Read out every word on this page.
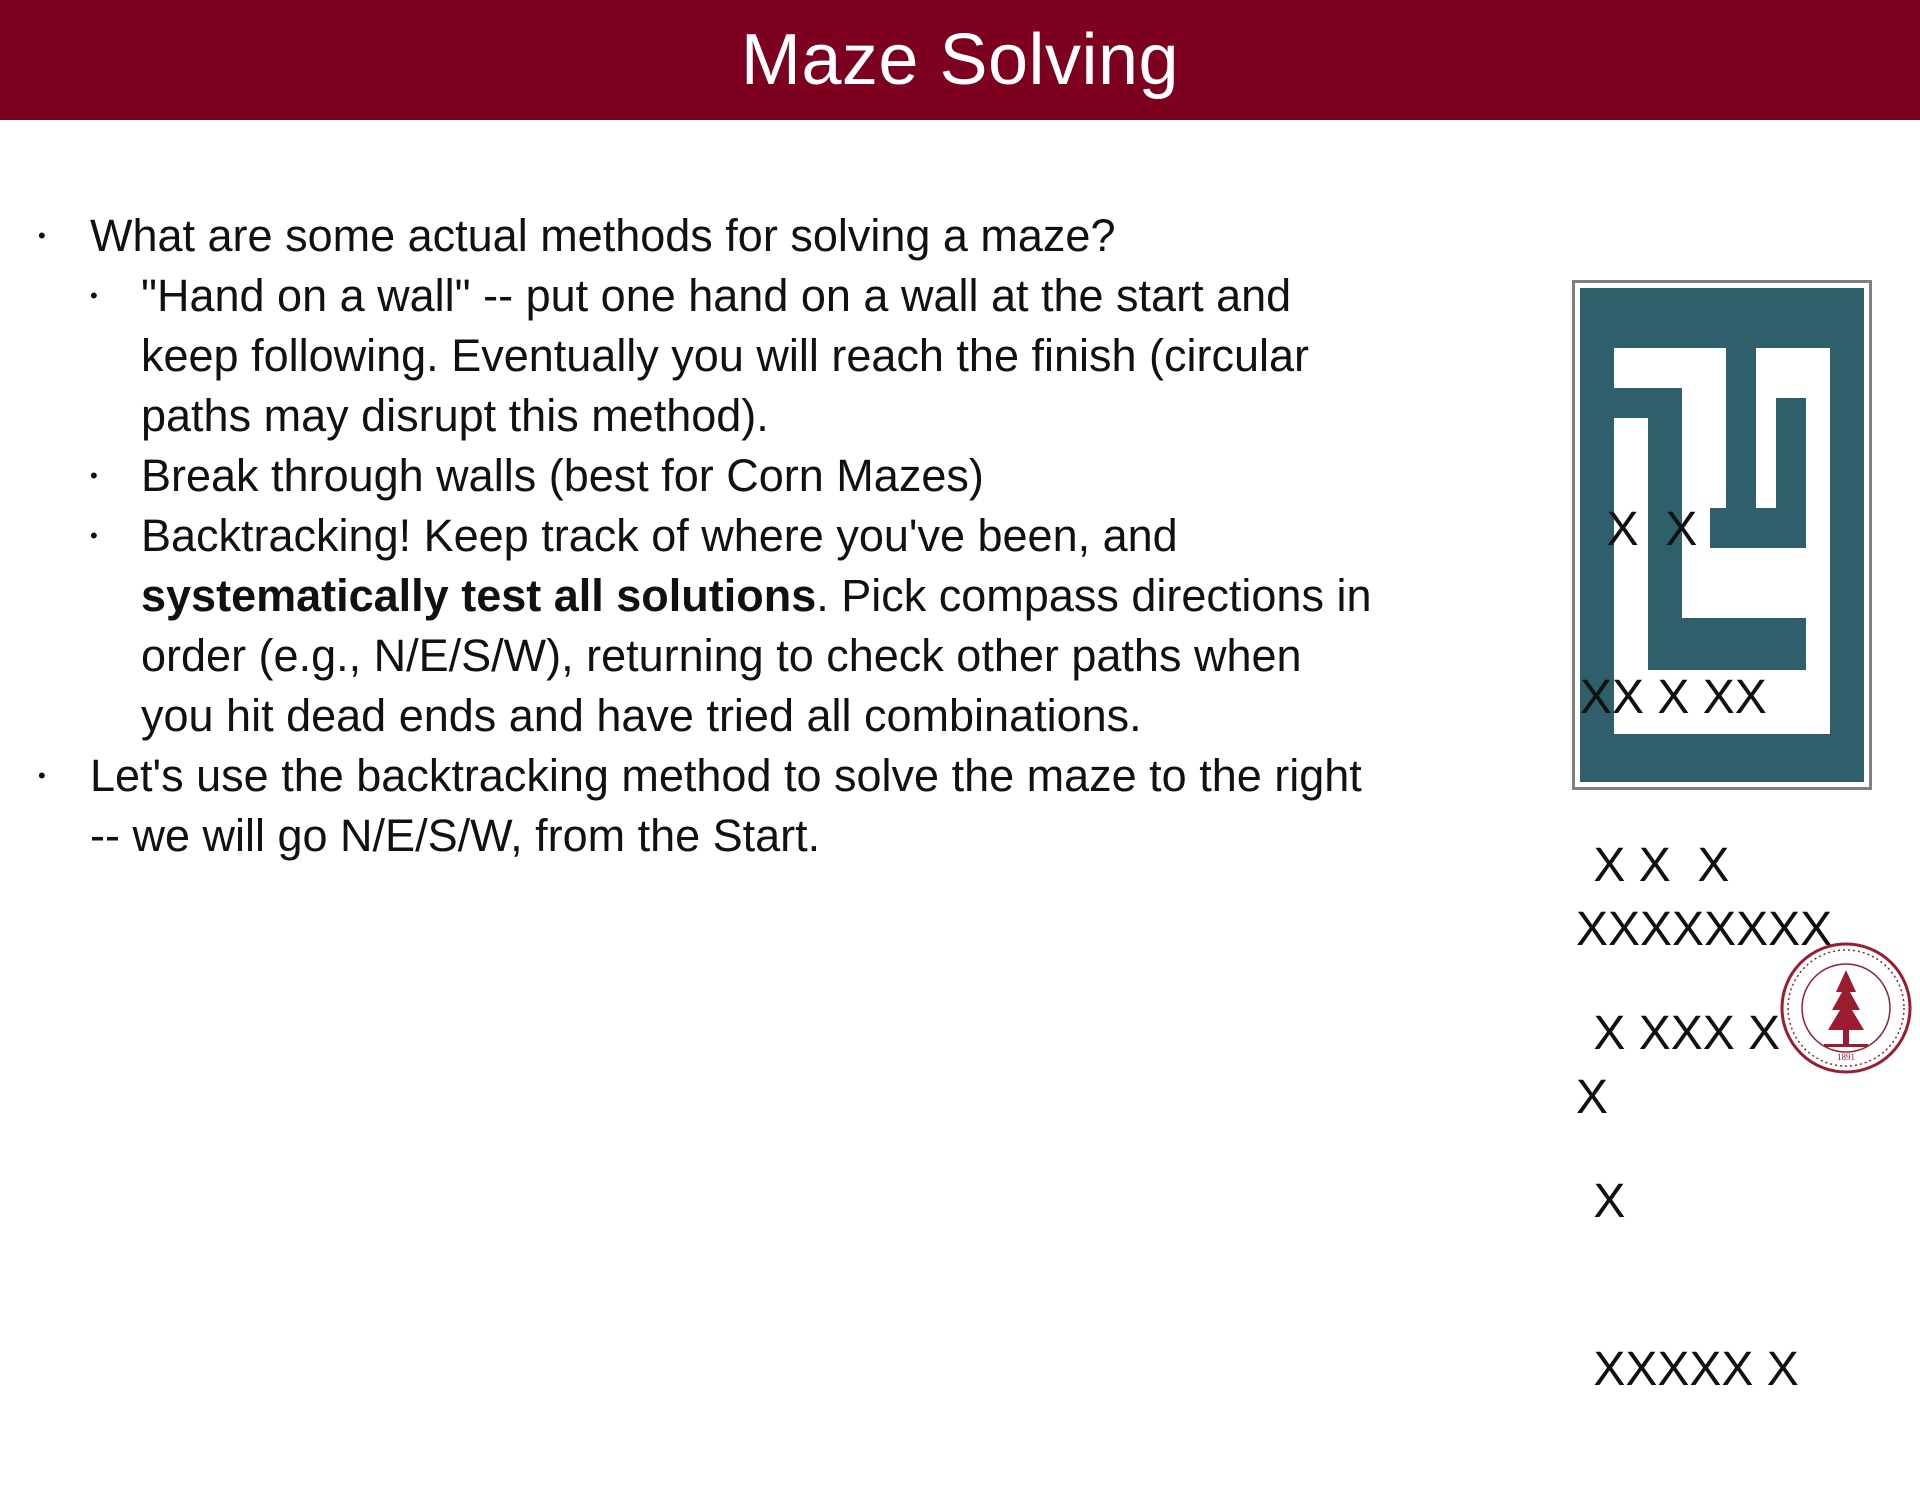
Maze Solving
• What are some actual methods for solving a maze?
• "Hand on a wall" -- put one hand on a wall at the start and
keep following. Eventually you will reach the finish (circular
paths may disrupt this method).
• Break through walls (best for Corn Mazes)
• Backtracking! Keep track of where you've been, and
systematically test all solutions. Pick compass directions in
order (e.g., N/E/S/W), returning to check other paths when
you hit dead ends and have tried all combinations.
• Let's use the backtracking method to solve the maze to the right
-- we will go N/E/S/W, from the Start.

X  X

XX X XX

X X  X

X XXX X

X

XXXXX X

XXXXXXXX

X

1891
